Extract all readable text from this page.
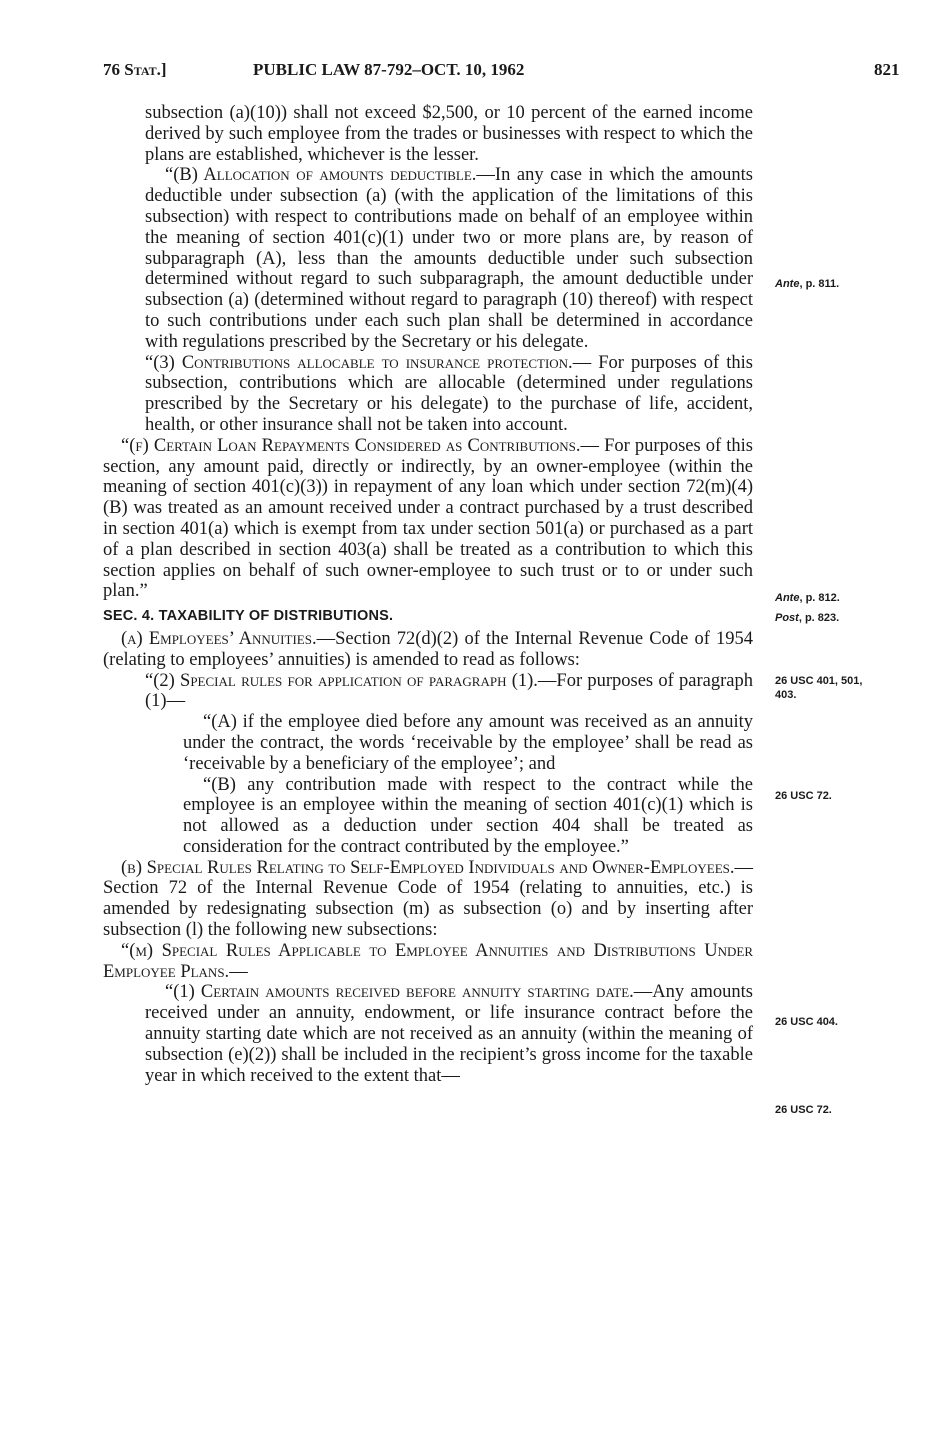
76 Stat.]	PUBLIC LAW 87-792–OCT. 10, 1962	821

subsection (a)(10)) shall not exceed $2,500, or 10 percent of the earned income derived by such employee from the trades or businesses with respect to which the plans are established, whichever is the lesser.

“(B) Allocation of amounts deductible.—In any case in which the amounts deductible under subsection (a) (with the application of the limitations of this subsection) with respect to contributions made on behalf of an employee within the meaning of section 401(c)(1) under two or more plans are, by reason of subparagraph (A), less than the amounts deductible under such subsection determined without regard to such subparagraph, the amount deductible under subsection (a) (determined without regard to paragraph (10) thereof) with respect to such contributions under each such plan shall be determined in accordance with regulations prescribed by the Secretary or his delegate.

“(3) Contributions allocable to insurance protection.— For purposes of this subsection, contributions which are allocable (determined under regulations prescribed by the Secretary or his delegate) to the purchase of life, accident, health, or other insurance shall not be taken into account.

“(f) Certain Loan Repayments Considered as Contributions.— For purposes of this section, any amount paid, directly or indirectly, by an owner-employee (within the meaning of section 401(c)(3)) in repayment of any loan which under section 72(m)(4)(B) was treated as an amount received under a contract purchased by a trust described in section 401(a) which is exempt from tax under section 501(a) or purchased as a part of a plan described in section 403(a) shall be treated as a contribution to which this section applies on behalf of such owner-employee to such trust or to or under such plan.”

SEC. 4. TAXABILITY OF DISTRIBUTIONS.

(a) Employees’ Annuities.—Section 72(d)(2) of the Internal Revenue Code of 1954 (relating to employees’ annuities) is amended to read as follows:

“(2) Special rules for application of paragraph (1).—For purposes of paragraph (1)—

“(A) if the employee died before any amount was received as an annuity under the contract, the words ‘receivable by the employee’ shall be read as ‘receivable by a beneficiary of the employee’; and

“(B) any contribution made with respect to the contract while the employee is an employee within the meaning of section 401(c)(1) which is not allowed as a deduction under section 404 shall be treated as consideration for the contract contributed by the employee.”

(b) Special Rules Relating to Self-Employed Individuals and Owner-Employees.—Section 72 of the Internal Revenue Code of 1954 (relating to annuities, etc.) is amended by redesignating subsection (m) as subsection (o) and by inserting after subsection (l) the following new subsections:

“(m) Special Rules Applicable to Employee Annuities and Distributions Under Employee Plans.—

“(1) Certain amounts received before annuity starting date.—Any amounts received under an annuity, endowment, or life insurance contract before the annuity starting date which are not received as an annuity (within the meaning of subsection (e)(2)) shall be included in the recipient’s gross income for the taxable year in which received to the extent that—

Ante, p. 811.
Ante, p. 812.
Post, p. 823.
26 USC 401, 501, 403.
26 USC 72.
26 USC 404.
26 USC 72.
